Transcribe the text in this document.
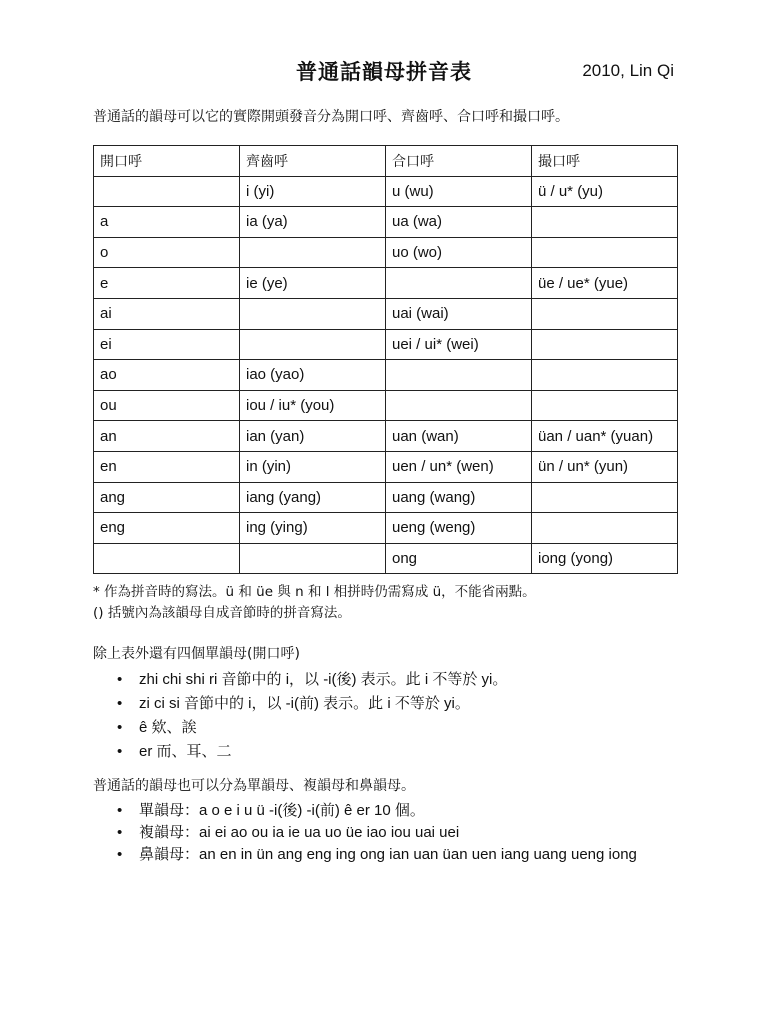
普通話韻母拼音表	2010, Lin Qi
普通話的韻母可以它的實際開頭發音分為開口呼、齊齒呼、合口呼和撮口呼。
開口呼	齊齒呼	合口呼	撮口呼
	i (yi)	u (wu)	ü / u* (yu)
a	ia (ya)	ua (wa)	
o		uo (wo)	
e	ie (ye)		üe / ue* (yue)
ai		uai (wai)	
ei		uei / ui* (wei)	
ao	iao (yao)		
ou	iou / iu* (you)		
an	ian (yan)	uan (wan)	üan / uan* (yuan)
en	in (yin)	uen / un* (wen)	ün / un* (yun)
ang	iang (yang)	uang (wang)	
eng	ing (ying)	ueng (weng)	
		ong	iong (yong)
* 作為拼音時的寫法。ü 和 üe 與 n 和 l 相拼時仍需寫成 ü，不能省兩點。
() 括號內為該韻母自成音節時的拼音寫法。
除上表外還有四個單韻母(開口呼)
• zhi chi shi ri 音節中的 i，以 -i(後) 表示。此 i 不等於 yi。
• zi ci si 音節中的 i，以 -i(前) 表示。此 i 不等於 yi。
• ê 欸、誒
• er 而、耳、二
普通話的韻母也可以分為單韻母、複韻母和鼻韻母。
• 單韻母：a o e i u ü -i(後) -i(前) ê er 10 個。
• 複韻母：ai ei ao ou ia ie ua uo üe iao iou uai uei
• 鼻韻母：an en in ün ang eng ing ong ian uan üan uen iang uang ueng iong
